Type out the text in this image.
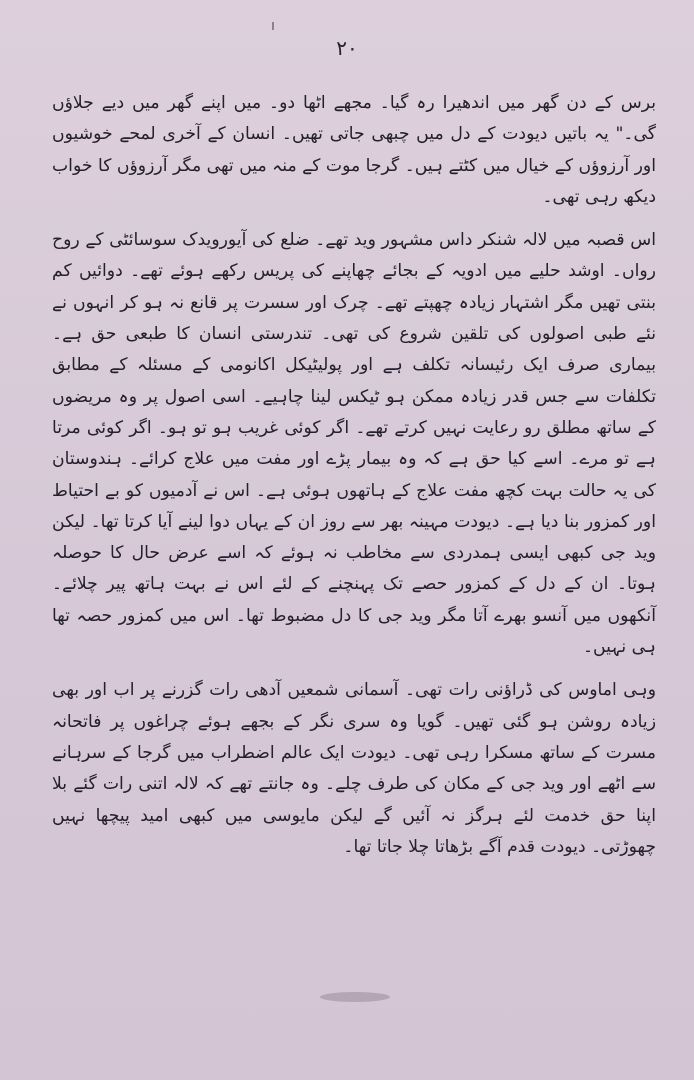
۲۰

برس کے دن گھر میں اندھیرا رہ گیا۔ مجھے اٹھا دو۔ میں اپنے گھر میں دیے جلاؤں گی۔" یہ باتیں دیودت کے دل میں چبھی جاتی تھیں۔ انسان کے آخری لمحے خوشیوں اور آرزوؤں کے خیال میں کٹتے ہیں۔ گرجا موت کے منہ میں تھی مگر آرزوؤں کا خواب دیکھ رہی تھی۔

اس قصبہ میں لالہ شنکر داس مشہور وید تھے۔ ضلع کی آیورویدک سوسائٹی کے روح رواں۔ اوشد حلیے میں ادویہ کے بجائے چھاپنے کی پریس رکھے ہوئے تھے۔ دوائیں کم بنتی تھیں مگر اشتہار زیادہ چھپتے تھے۔ چرک اور سسرت پر قانع نہ ہو کر انہوں نے نئے طبی اصولوں کی تلقین شروع کی تھی۔ تندرستی انسان کا طبعی حق ہے۔ بیماری صرف ایک رئیسانہ تکلف ہے اور پولیٹیکل اکانومی کے مسئلہ کے مطابق تکلفات سے جس قدر زیادہ ممکن ہو ٹیکس لینا چاہیے۔ اسی اصول پر وہ مریضوں کے ساتھ مطلق رو رعایت نہیں کرتے تھے۔ اگر کوئی غریب ہو تو ہو۔ اگر کوئی مرتا ہے تو مرے۔ اسے کیا حق ہے کہ وہ بیمار پڑے اور مفت میں علاج کرائے۔ ہندوستان کی یہ حالت بہت کچھ مفت علاج کے ہاتھوں ہوئی ہے۔ اس نے آدمیوں کو بے احتیاط اور کمزور بنا دیا ہے۔ دیودت مہینہ بھر سے روز ان کے یہاں دوا لینے آیا کرتا تھا۔ لیکن وید جی کبھی ایسی ہمدردی سے مخاطب نہ ہوئے کہ اسے عرض حال کا حوصلہ ہوتا۔ ان کے دل کے کمزور حصے تک پہنچنے کے لئے اس نے بہت ہاتھ پیر چلائے۔ آنکھوں میں آنسو بھرے آتا مگر وید جی کا دل مضبوط تھا۔ اس میں کمزور حصہ تھا ہی نہیں۔

وہی اماوس کی ڈراؤنی رات تھی۔ آسمانی شمعیں آدھی رات گزرنے پر اب اور بھی زیادہ روشن ہو گئی تھیں۔ گویا وہ سری نگر کے بجھے ہوئے چراغوں پر فاتحانہ مسرت کے ساتھ مسکرا رہی تھی۔ دیودت ایک عالم اضطراب میں گرجا کے سرہانے سے اٹھے اور وید جی کے مکان کی طرف چلے۔ وہ جانتے تھے کہ لالہ اتنی رات گئے بلا اپنا حق خدمت لئے ہرگز نہ آئیں گے لیکن مایوسی میں کبھی امید پیچھا نہیں چھوڑتی۔ دیودت قدم آگے بڑھاتا چلا جاتا تھا۔
